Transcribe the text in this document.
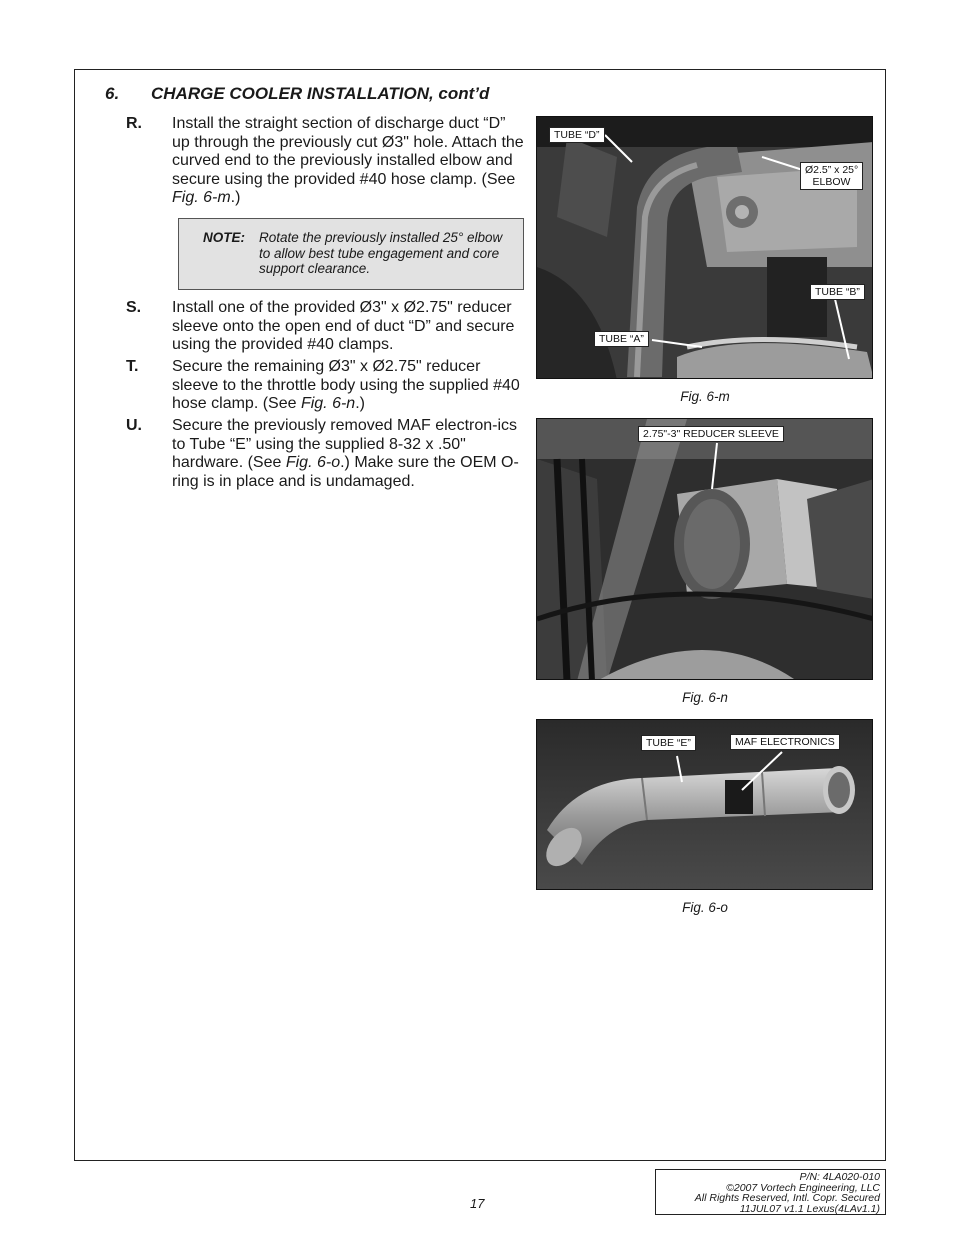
6. CHARGE COOLER INSTALLATION, cont’d
R. Install the straight section of discharge duct “D” up through the previously cut Ø3" hole. Attach the curved end to the previously installed elbow and secure using the provided #40 hose clamp. (See Fig. 6-m.)
NOTE: Rotate the previously installed 25° elbow to allow best tube engagement and core support clearance.
S. Install one of the provided Ø3" x Ø2.75" reducer sleeve onto the open end of duct “D” and secure using the provided #40 clamps.
T. Secure the remaining Ø3" x Ø2.75" reducer sleeve to the throttle body using the supplied #40 hose clamp. (See Fig. 6-n.)
U. Secure the previously removed MAF electron-ics to Tube “E” using the supplied 8-32 x .50" hardware. (See Fig. 6-o.) Make sure the OEM O-ring is in place and is undamaged.
TUBE “D”
Ø2.5” x 25°
ELBOW
TUBE “B”
TUBE “A”
Fig. 6-m
2.75"-3" REDUCER SLEEVE
Fig. 6-n
TUBE “E”	MAF ELECTRONICS
Fig. 6-o
17
P/N: 4LA020-010
©2007 Vortech Engineering, LLC
All Rights Reserved, Intl. Copr. Secured
11JUL07 v1.1 Lexus(4LAv1.1)
